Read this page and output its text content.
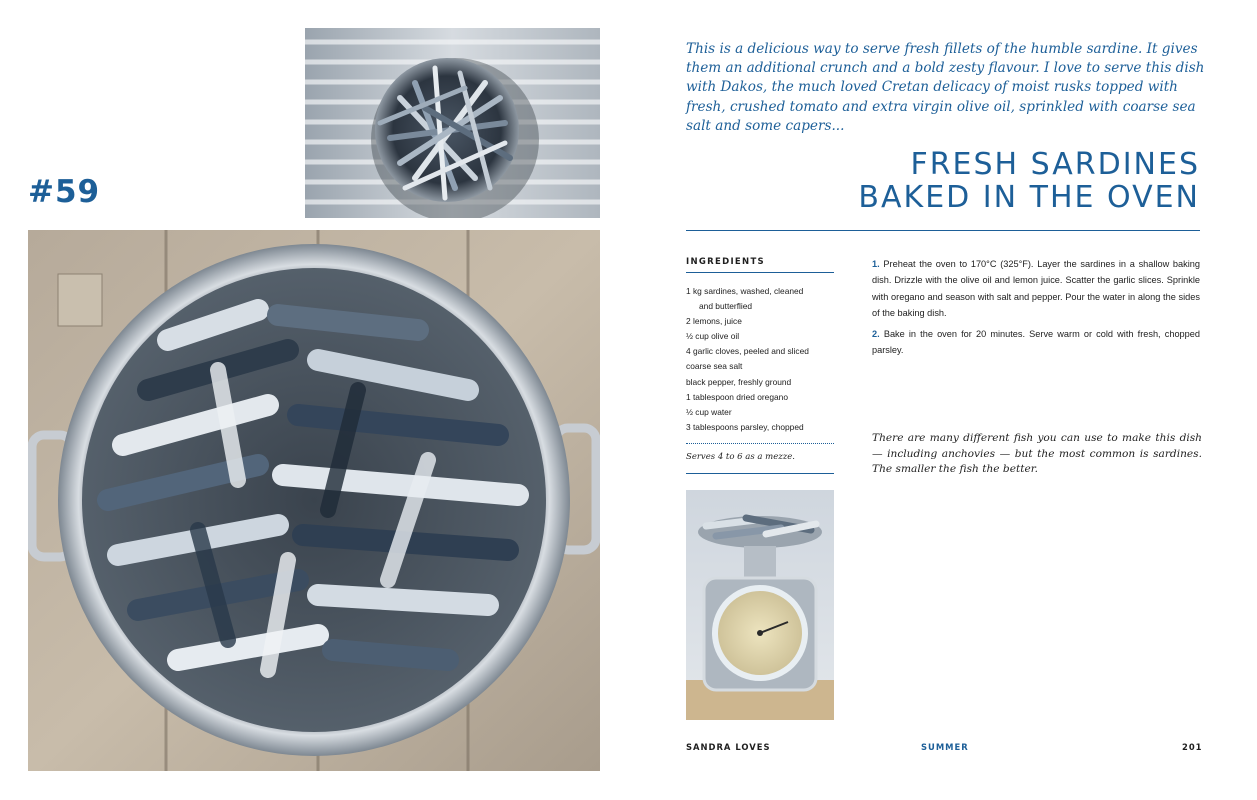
#59

This is a delicious way to serve fresh fillets of the humble sardine. It gives them an additional crunch and a bold zesty flavour. I love to serve this dish with Dakos, the much loved Cretan delicacy of moist rusks topped with fresh, crushed tomato and extra virgin olive oil, sprinkled with coarse sea salt and some capers...

FRESH SARDINES
BAKED IN THE OVEN
INGREDIENTS
1 kg sardines, washed, cleaned
and butterflied
2 lemons, juice
½ cup olive oil
4 garlic cloves, peeled and sliced
coarse sea salt
black pepper, freshly ground
1 tablespoon dried oregano
½ cup water
3 tablespoons parsley, chopped
Serves 4 to 6 as a mezze.

1. Preheat the oven to 170°C (325°F). Layer the sardines in a shallow baking dish. Drizzle with the olive oil and lemon juice. Scatter the garlic slices. Sprinkle with oregano and season with salt and pepper. Pour the water in along the sides of the baking dish.

2. Bake in the oven for 20 minutes. Serve warm or cold with fresh, chopped parsley.

There are many different fish you can use to make this dish — including anchovies — but the most common is sardines. The smaller the fish the better.

SANDRA LOVES	SUMMER	201
